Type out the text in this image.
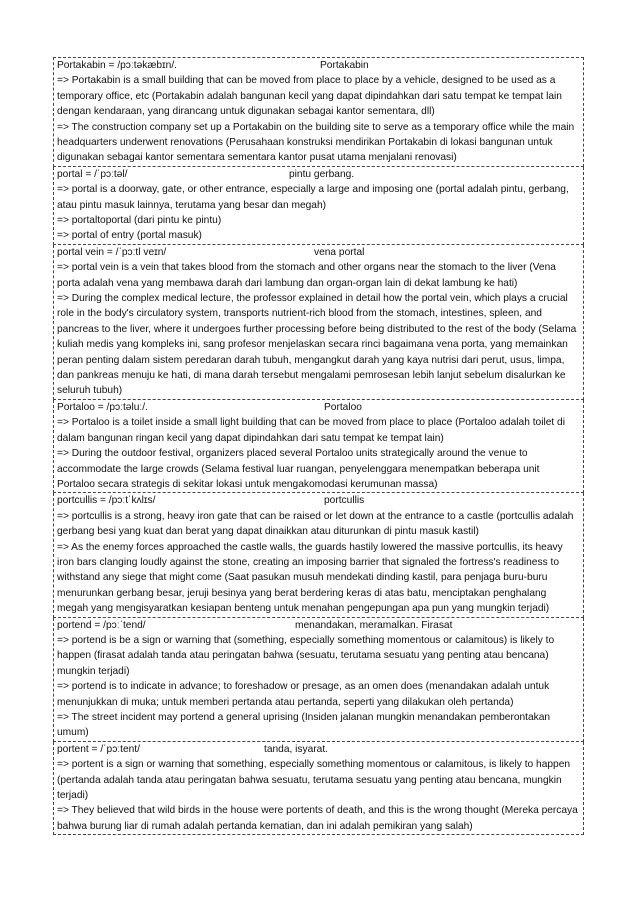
Portakabin = /pɔːtəkæbɪn/.	Portakabin
=> Portakabin is a small building that can be moved from place to place by a vehicle, designed to be used as a temporary office, etc (Portakabin adalah bangunan kecil yang dapat dipindahkan dari satu tempat ke tempat lain dengan kendaraan, yang dirancang untuk digunakan sebagai kantor sementara, dll)
=> The construction company set up a Portakabin on the building site to serve as a temporary office while the main headquarters underwent renovations (Perusahaan konstruksi mendirikan Portakabin di lokasi bangunan untuk digunakan sebagai kantor sementara sementara kantor pusat utama menjalani renovasi)
portal = /ˈpɔːtəl/	pintu gerbang.
=> portal is a doorway, gate, or other entrance, especially a large and imposing one (portal adalah pintu, gerbang, atau pintu masuk lainnya, terutama yang besar dan megah)
=> portaltoportal (dari pintu ke pintu)
=> portal of entry (portal masuk)
portal vein = /ˈpɔːtl veɪn/	vena portal
=> portal vein is a vein that takes blood from the stomach and other organs near the stomach to the liver (Vena porta adalah vena yang membawa darah dari lambung dan organ-organ lain di dekat lambung ke hati)
=> During the complex medical lecture, the professor explained in detail how the portal vein, which plays a crucial role in the body's circulatory system, transports nutrient-rich blood from the stomach, intestines, spleen, and pancreas to the liver, where it undergoes further processing before being distributed to the rest of the body (Selama kuliah medis yang kompleks ini, sang profesor menjelaskan secara rinci bagaimana vena porta, yang memainkan peran penting dalam sistem peredaran darah tubuh, mengangkut darah yang kaya nutrisi dari perut, usus, limpa, dan pankreas menuju ke hati, di mana darah tersebut mengalami pemrosesan lebih lanjut sebelum disalurkan ke seluruh tubuh)
Portaloo = /pɔːtəluː/.	Portaloo
=> Portaloo is a toilet inside a small light building that can be moved from place to place (Portaloo adalah toilet di dalam bangunan ringan kecil yang dapat dipindahkan dari satu tempat ke tempat lain)
=> During the outdoor festival, organizers placed several Portaloo units strategically around the venue to accommodate the large crowds (Selama festival luar ruangan, penyelenggara menempatkan beberapa unit Portaloo secara strategis di sekitar lokasi untuk mengakomodasi kerumunan massa)
portcullis = /pɔːtˈkʌlɪs/	portcullis
=> portcullis is a strong, heavy iron gate that can be raised or let down at the entrance to a castle (portcullis adalah gerbang besi yang kuat dan berat yang dapat dinaikkan atau diturunkan di pintu masuk kastil)
=> As the enemy forces approached the castle walls, the guards hastily lowered the massive portcullis, its heavy iron bars clanging loudly against the stone, creating an imposing barrier that signaled the fortress's readiness to withstand any siege that might come (Saat pasukan musuh mendekati dinding kastil, para penjaga buru-buru menurunkan gerbang besar, jeruji besinya yang berat berdering keras di atas batu, menciptakan penghalang megah yang mengisyaratkan kesiapan benteng untuk menahan pengepungan apa pun yang mungkin terjadi)
portend = /pɔːˈtend/	menandakan, meramalkan. Firasat
=> portend is be a sign or warning that (something, especially something momentous or calamitous) is likely to happen (firasat adalah tanda atau peringatan bahwa (sesuatu, terutama sesuatu yang penting atau bencana) mungkin terjadi)
=> portend is to indicate in advance; to foreshadow or presage, as an omen does (menandakan adalah untuk menunjukkan di muka; untuk memberi pertanda atau pertanda, seperti yang dilakukan oleh pertanda)
=> The street incident may portend a general uprising (Insiden jalanan mungkin menandakan pemberontakan umum)
portent = /ˈpɔːtent/	tanda, isyarat.
=> portent is a sign or warning that something, especially something momentous or calamitous, is likely to happen (pertanda adalah tanda atau peringatan bahwa sesuatu, terutama sesuatu yang penting atau bencana, mungkin terjadi)
=> They believed that wild birds in the house were portents of death, and this is the wrong thought (Mereka percaya bahwa burung liar di rumah adalah pertanda kematian, dan ini adalah pemikiran yang salah)
